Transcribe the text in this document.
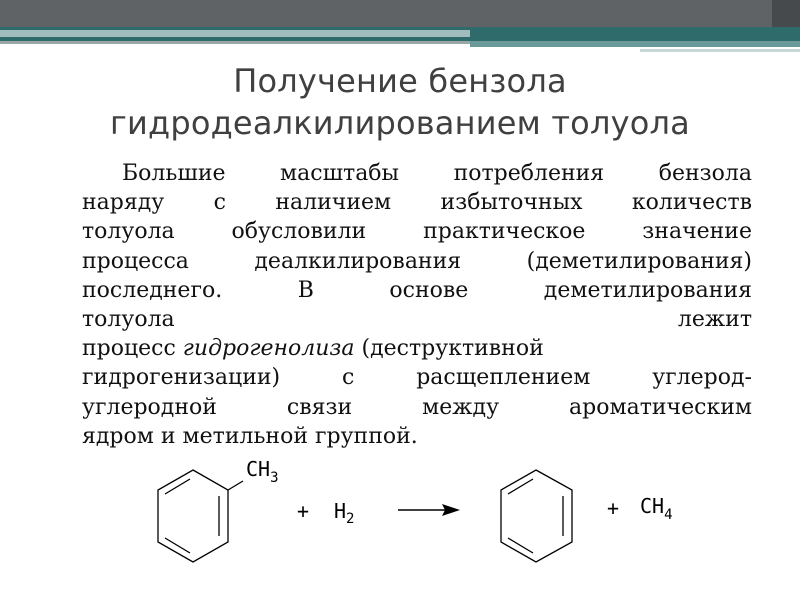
Получение бензола
гидродеалкилированием толуола
Большие масштабы потребления бензола
наряду с наличием избыточных количеств
толуола	обусловили	практическое	значение
процесса	деалкилирования	(деметилирования)
последнего.	В	основе	деметилирования
толуола	лежит
процесс гидрогенолиза (деструктивной
гидрогенизации)	с	расщеплением	углерод-
углеродной	связи	между	ароматическим
ядром и метильной группой.
$CH_3$
+ $H_2$	+ $CH_4$
